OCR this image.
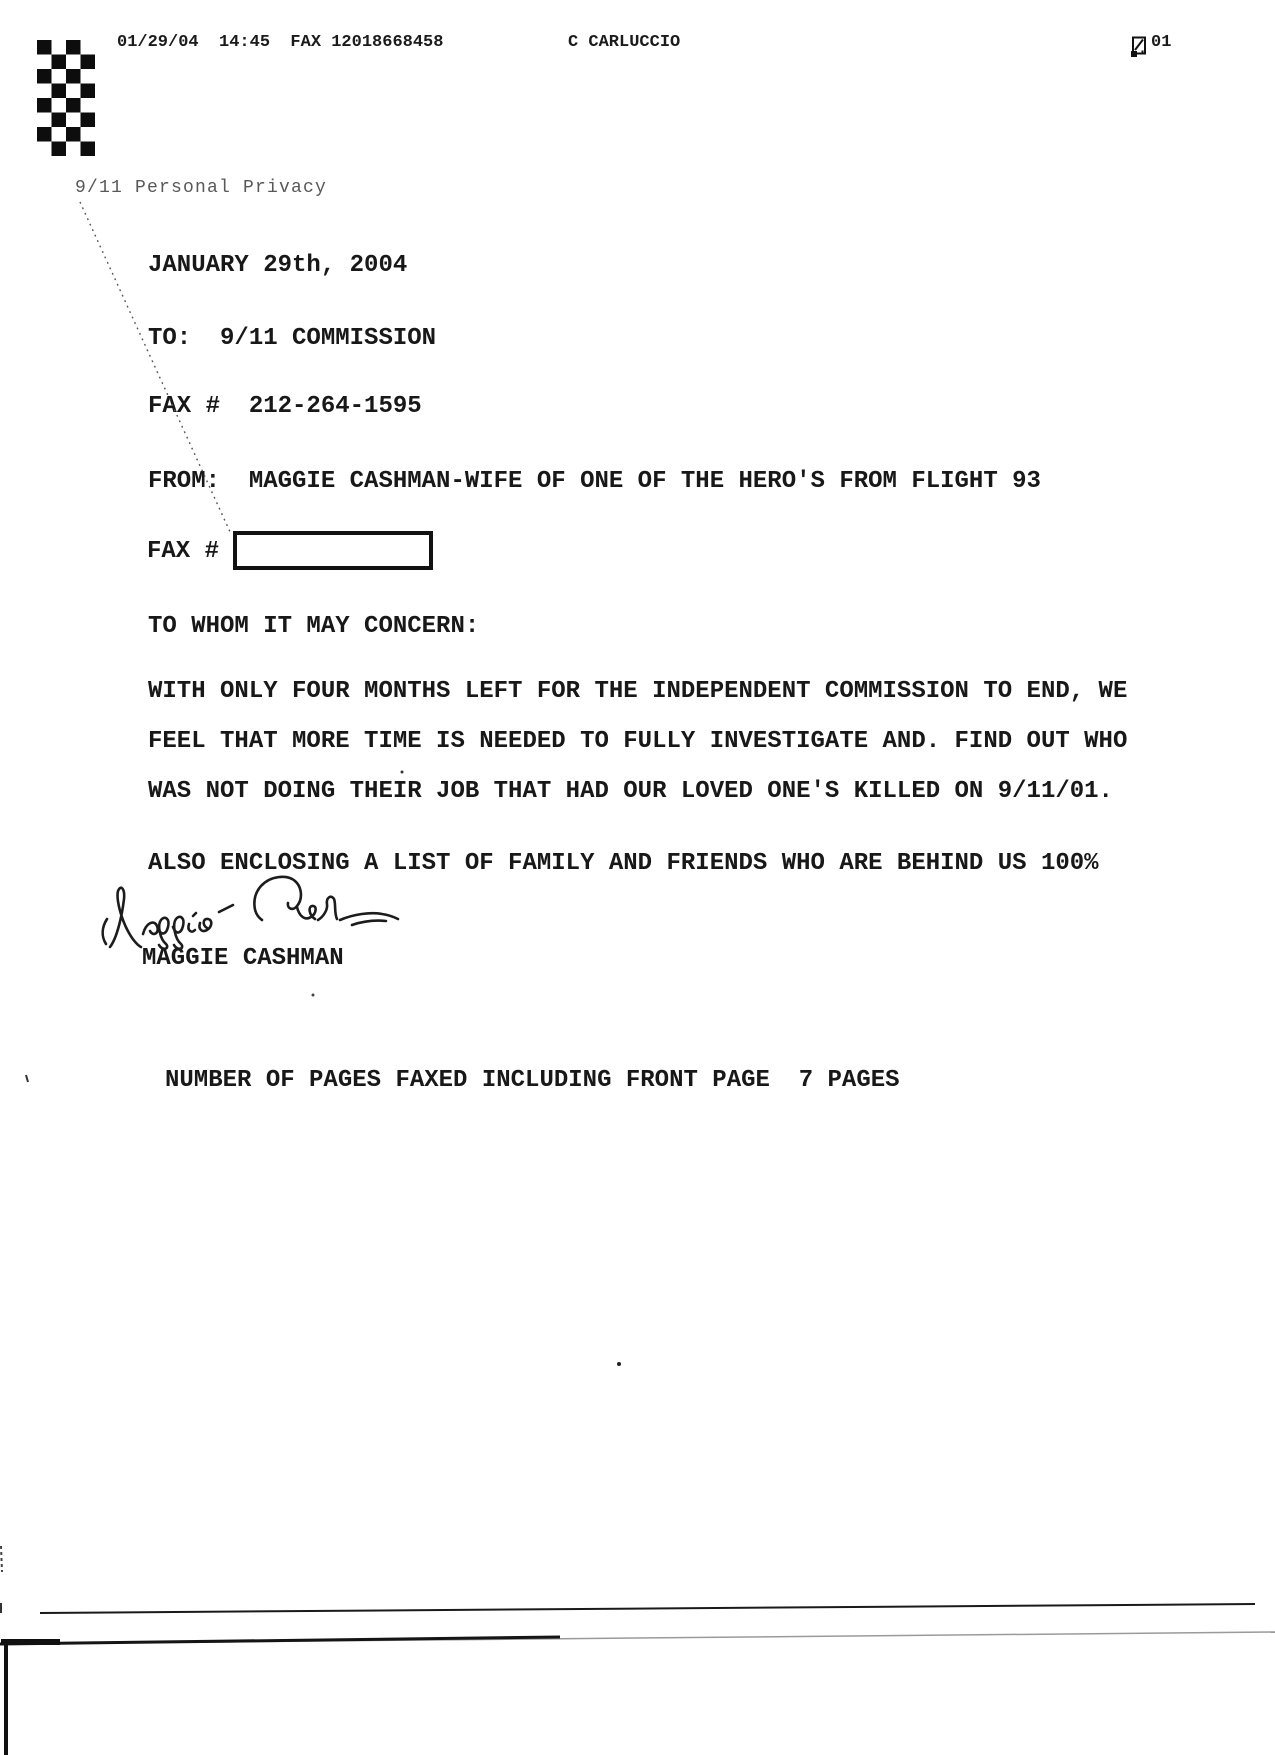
01/29/04  14:45  FAX 12018668458	C CARLUCCIO	01
9/11 Personal Privacy
JANUARY 29th, 2004
TO:  9/11 COMMISSION
FAX #  212-264-1595
FROM:  MAGGIE CASHMAN-WIFE OF ONE OF THE HERO'S FROM FLIGHT 93
FAX #
TO WHOM IT MAY CONCERN:
WITH ONLY FOUR MONTHS LEFT FOR THE INDEPENDENT COMMISSION TO END, WE
FEEL THAT MORE TIME IS NEEDED TO FULLY INVESTIGATE AND. FIND OUT WHO
WAS NOT DOING THEIR JOB THAT HAD OUR LOVED ONE'S KILLED ON 9/11/01.
ALSO ENCLOSING A LIST OF FAMILY AND FRIENDS WHO ARE BEHIND US 100%
MAGGIE CASHMAN
NUMBER OF PAGES FAXED INCLUDING FRONT PAGE  7 PAGES
